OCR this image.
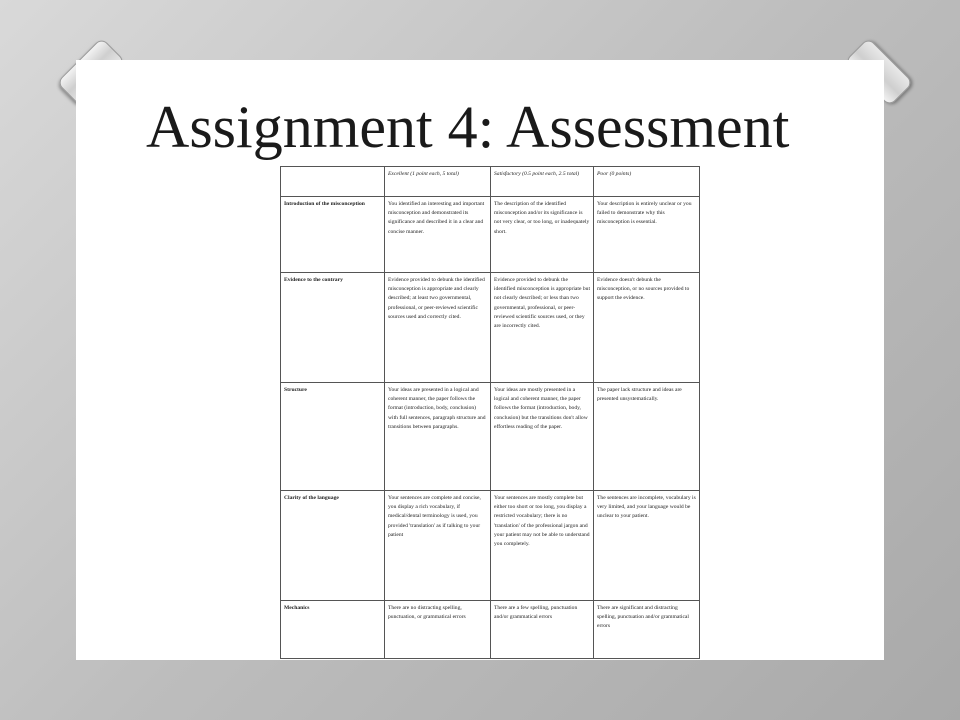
Assignment 4: Assessment
	Excellent (1 point each, 5 total)	Satisfactory (0.5 point each, 2.5 total)	Poor (0 points)
Introduction of the misconception	You identified an interesting and important misconception and demonstrated its significance and described it in a clear and concise manner.	The description of the identified misconception and/or its significance is not very clear, or too long, or inadequately short.	Your description is entirely unclear or you failed to demonstrate why this misconception is essential.
Evidence to the contrary	Evidence provided to debunk the identified misconception is appropriate and clearly described; at least two governmental, professional, or peer-reviewed scientific sources used and correctly cited.	Evidence provided to debunk the identified misconception is appropriate but not clearly described; or less than two governmental, professional, or peer-reviewed scientific sources used, or they are incorrectly cited.	Evidence doesn't debunk the misconception, or no sources provided to support the evidence.
Structure	Your ideas are presented in a logical and coherent manner, the paper follows the format (introduction, body, conclusion) with full sentences, paragraph structure and transitions between paragraphs.	Your ideas are mostly presented in a logical and coherent manner, the paper follows the format (introduction, body, conclusion) but the transitions don't allow effortless reading of the paper.	The paper lack structure and ideas are presented unsystematically.
Clarity of the language	Your sentences are complete and concise, you display a rich vocabulary, if medical/dental terminology is used, you provided 'translation' as if talking to your patient	Your sentences are mostly complete but either too short or too long, you display a restricted vocabulary; there is no 'translation' of the professional jargon and your patient may not be able to understand you completely.	The sentences are incomplete, vocabulary is very limited, and your language would be unclear to your patient.
Mechanics	There are no distracting spelling, punctuation, or grammatical errors	There are a few spelling, punctuation and/or grammatical errors	There are significant and distracting spelling, punctuation and/or grammatical errors
